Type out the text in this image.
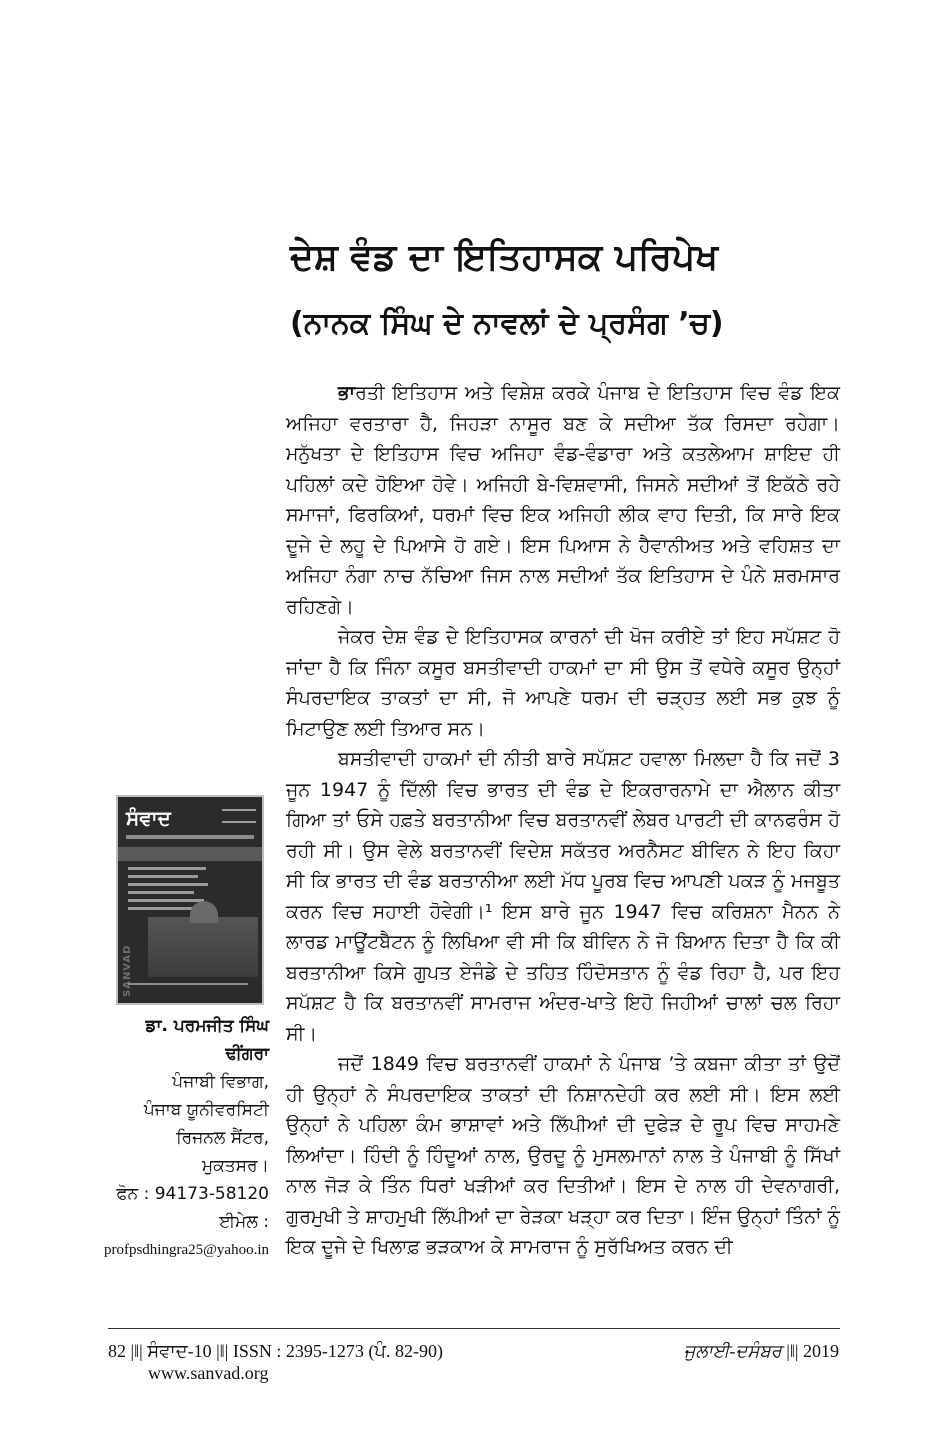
ਦੇਸ਼ ਵੰਡ ਦਾ ਇਤਿਹਾਸਕ ਪਰਿਪੇਖ
(ਨਾਨਕ ਸਿੰਘ ਦੇ ਨਾਵਲਾਂ ਦੇ ਪ੍ਰਸੰਗ ’ਚ)

ਭਾਰਤੀ ਇਤਿਹਾਸ ਅਤੇ ਵਿਸ਼ੇਸ਼ ਕਰਕੇ ਪੰਜਾਬ ਦੇ ਇਤਿਹਾਸ ਵਿਚ ਵੰਡ ਇਕ ਅਜਿਹਾ ਵਰਤਾਰਾ ਹੈ, ਜਿਹੜਾ ਨਾਸੂਰ ਬਣ ਕੇ ਸਦੀਆ ਤੱਕ ਰਿਸਦਾ ਰਹੇਗਾ। ਮਨੁੱਖਤਾ ਦੇ ਇਤਿਹਾਸ ਵਿਚ ਅਜਿਹਾ ਵੰਡ-ਵੰਡਾਰਾ ਅਤੇ ਕਤਲੇਆਮ ਸ਼ਾਇਦ ਹੀ ਪਹਿਲਾਂ ਕਦੇ ਹੋਇਆ ਹੋਵੇ। ਅਜਿਹੀ ਬੇ-ਵਿਸ਼ਵਾਸੀ, ਜਿਸਨੇ ਸਦੀਆਂ ਤੋਂ ਇਕੱਠੇ ਰਹੇ ਸਮਾਜਾਂ, ਫਿਰਕਿਆਂ, ਧਰਮਾਂ ਵਿਚ ਇਕ ਅਜਿਹੀ ਲੀਕ ਵਾਹ ਦਿਤੀ, ਕਿ ਸਾਰੇ ਇਕ ਦੂਜੇ ਦੇ ਲਹੂ ਦੇ ਪਿਆਸੇ ਹੋ ਗਏ। ਇਸ ਪਿਆਸ ਨੇ ਹੈਵਾਨੀਅਤ ਅਤੇ ਵਹਿਸ਼ਤ ਦਾ ਅਜਿਹਾ ਨੰਗਾ ਨਾਚ ਨੱਚਿਆ ਜਿਸ ਨਾਲ ਸਦੀਆਂ ਤੱਕ ਇਤਿਹਾਸ ਦੇ ਪੰਨੇ ਸ਼ਰਮਸਾਰ ਰਹਿਣਗੇ।

ਜੇਕਰ ਦੇਸ਼ ਵੰਡ ਦੇ ਇਤਿਹਾਸਕ ਕਾਰਨਾਂ ਦੀ ਖੋਜ ਕਰੀਏ ਤਾਂ ਇਹ ਸਪੱਸ਼ਟ ਹੋ ਜਾਂਦਾ ਹੈ ਕਿ ਜਿੰਨਾ ਕਸੂਰ ਬਸਤੀਵਾਦੀ ਹਾਕਮਾਂ ਦਾ ਸੀ ਉਸ ਤੋਂ ਵਧੇਰੇ ਕਸੂਰ ਉਨ੍ਹਾਂ ਸੰਪਰਦਾਇਕ ਤਾਕਤਾਂ ਦਾ ਸੀ, ਜੋ ਆਪਣੇ ਧਰਮ ਦੀ ਚੜ੍ਹਤ ਲਈ ਸਭ ਕੁਝ ਨੂੰ ਮਿਟਾਉਣ ਲਈ ਤਿਆਰ ਸਨ।

ਬਸਤੀਵਾਦੀ ਹਾਕਮਾਂ ਦੀ ਨੀਤੀ ਬਾਰੇ ਸਪੱਸ਼ਟ ਹਵਾਲਾ ਮਿਲਦਾ ਹੈ ਕਿ ਜਦੋਂ 3 ਜੂਨ 1947 ਨੂੰ ਦਿੱਲੀ ਵਿਚ ਭਾਰਤ ਦੀ ਵੰਡ ਦੇ ਇਕਰਾਰਨਾਮੇ ਦਾ ਐਲਾਨ ਕੀਤਾ ਗਿਆ ਤਾਂ ਓਸੇ ਹਫ਼ਤੇ ਬਰਤਾਨੀਆ ਵਿਚ ਬਰਤਾਨਵੀਂ ਲੇਬਰ ਪਾਰਟੀ ਦੀ ਕਾਨਫਰੰਸ ਹੋ ਰਹੀ ਸੀ। ਉਸ ਵੇਲੇ ਬਰਤਾਨਵੀਂ ਵਿਦੇਸ਼ ਸਕੱਤਰ ਅਰਨੈਸਟ ਬੀਵਿਨ ਨੇ ਇਹ ਕਿਹਾ ਸੀ ਕਿ ਭਾਰਤ ਦੀ ਵੰਡ ਬਰਤਾਨੀਆ ਲਈ ਮੱਧ ਪੂਰਬ ਵਿਚ ਆਪਣੀ ਪਕੜ ਨੂੰ ਮਜਬੂਤ ਕਰਨ ਵਿਚ ਸਹਾਈ ਹੋਵੇਗੀ।¹ ਇਸ ਬਾਰੇ ਜੂਨ 1947 ਵਿਚ ਕਰਿਸ਼ਨਾ ਮੈਨਨ ਨੇ ਲਾਰਡ ਮਾਊਂਟਬੈਟਨ ਨੂੰ ਲਿਖਿਆ ਵੀ ਸੀ ਕਿ ਬੀਵਿਨ ਨੇ ਜੋ ਬਿਆਨ ਦਿਤਾ ਹੈ ਕਿ ਕੀ ਬਰਤਾਨੀਆ ਕਿਸੇ ਗੁਪਤ ਏਜੰਡੇ ਦੇ ਤਹਿਤ ਹਿੰਦੋਸਤਾਨ ਨੂੰ ਵੰਡ ਰਿਹਾ ਹੈ, ਪਰ ਇਹ ਸਪੱਸ਼ਟ ਹੈ ਕਿ ਬਰਤਾਨਵੀਂ ਸਾਮਰਾਜ ਅੰਦਰ-ਖਾਤੇ ਇਹੋ ਜਿਹੀਆਂ ਚਾਲਾਂ ਚਲ ਰਿਹਾ ਸੀ।

ਜਦੋਂ 1849 ਵਿਚ ਬਰਤਾਨਵੀਂ ਹਾਕਮਾਂ ਨੇ ਪੰਜਾਬ ’ਤੇ ਕਬਜਾ ਕੀਤਾ ਤਾਂ ਉਦੋਂ ਹੀ ਉਨ੍ਹਾਂ ਨੇ ਸੰਪਰਦਾਇਕ ਤਾਕਤਾਂ ਦੀ ਨਿਸ਼ਾਨਦੇਹੀ ਕਰ ਲਈ ਸੀ। ਇਸ ਲਈ ਉਨ੍ਹਾਂ ਨੇ ਪਹਿਲਾ ਕੰਮ ਭਾਸ਼ਾਵਾਂ ਅਤੇ ਲਿੱਪੀਆਂ ਦੀ ਦੁਫੇੜ ਦੇ ਰੂਪ ਵਿਚ ਸਾਹਮਣੇ ਲਿਆਂਦਾ। ਹਿੰਦੀ ਨੂੰ ਹਿੰਦੂਆਂ ਨਾਲ, ਉਰਦੂ ਨੂੰ ਮੁਸਲਮਾਨਾਂ ਨਾਲ ਤੇ ਪੰਜਾਬੀ ਨੂੰ ਸਿੱਖਾਂ ਨਾਲ ਜੋੜ ਕੇ ਤਿੰਨ ਧਿਰਾਂ ਖੜੀਆਂ ਕਰ ਦਿਤੀਆਂ। ਇਸ ਦੇ ਨਾਲ ਹੀ ਦੇਵਨਾਗਰੀ, ਗੁਰਮੁਖੀ ਤੇ ਸ਼ਾਹਮੁਖੀ ਲਿੱਪੀਆਂ ਦਾ ਰੇੜਕਾ ਖੜ੍ਹਾ ਕਰ ਦਿਤਾ। ਇੰਜ ਉਨ੍ਹਾਂ ਤਿੰਨਾਂ ਨੂੰ ਇਕ ਦੂਜੇ ਦੇ ਖਿਲਾਫ਼ ਭੜਕਾਅ ਕੇ ਸਾਮਰਾਜ ਨੂੰ ਸੁਰੱਖਿਅਤ ਕਰਨ ਦੀ

ਸੰਵਾਦ
SANVAD
ਡਾ. ਪਰਮਜੀਤ ਸਿੰਘ
ਢੀਂਗਰਾ
ਪੰਜਾਬੀ ਵਿਭਾਗ,
ਪੰਜਾਬ ਯੂਨੀਵਰਸਿਟੀ
ਰਿਜਨਲ ਸੈਂਟਰ,
ਮੁਕਤਸਰ।
ਫੋਨ : 94173-58120
ਈਮੇਲ :
profpsdhingra25@yahoo.in
82 |‖| ਸੰਵਾਦ-10 |‖| ISSN : 2395-1273 (ਪੰ. 82-90)	ਜੁਲਾਈ-ਦਸੰਬਰ |‖| 2019
www.sanvad.org
